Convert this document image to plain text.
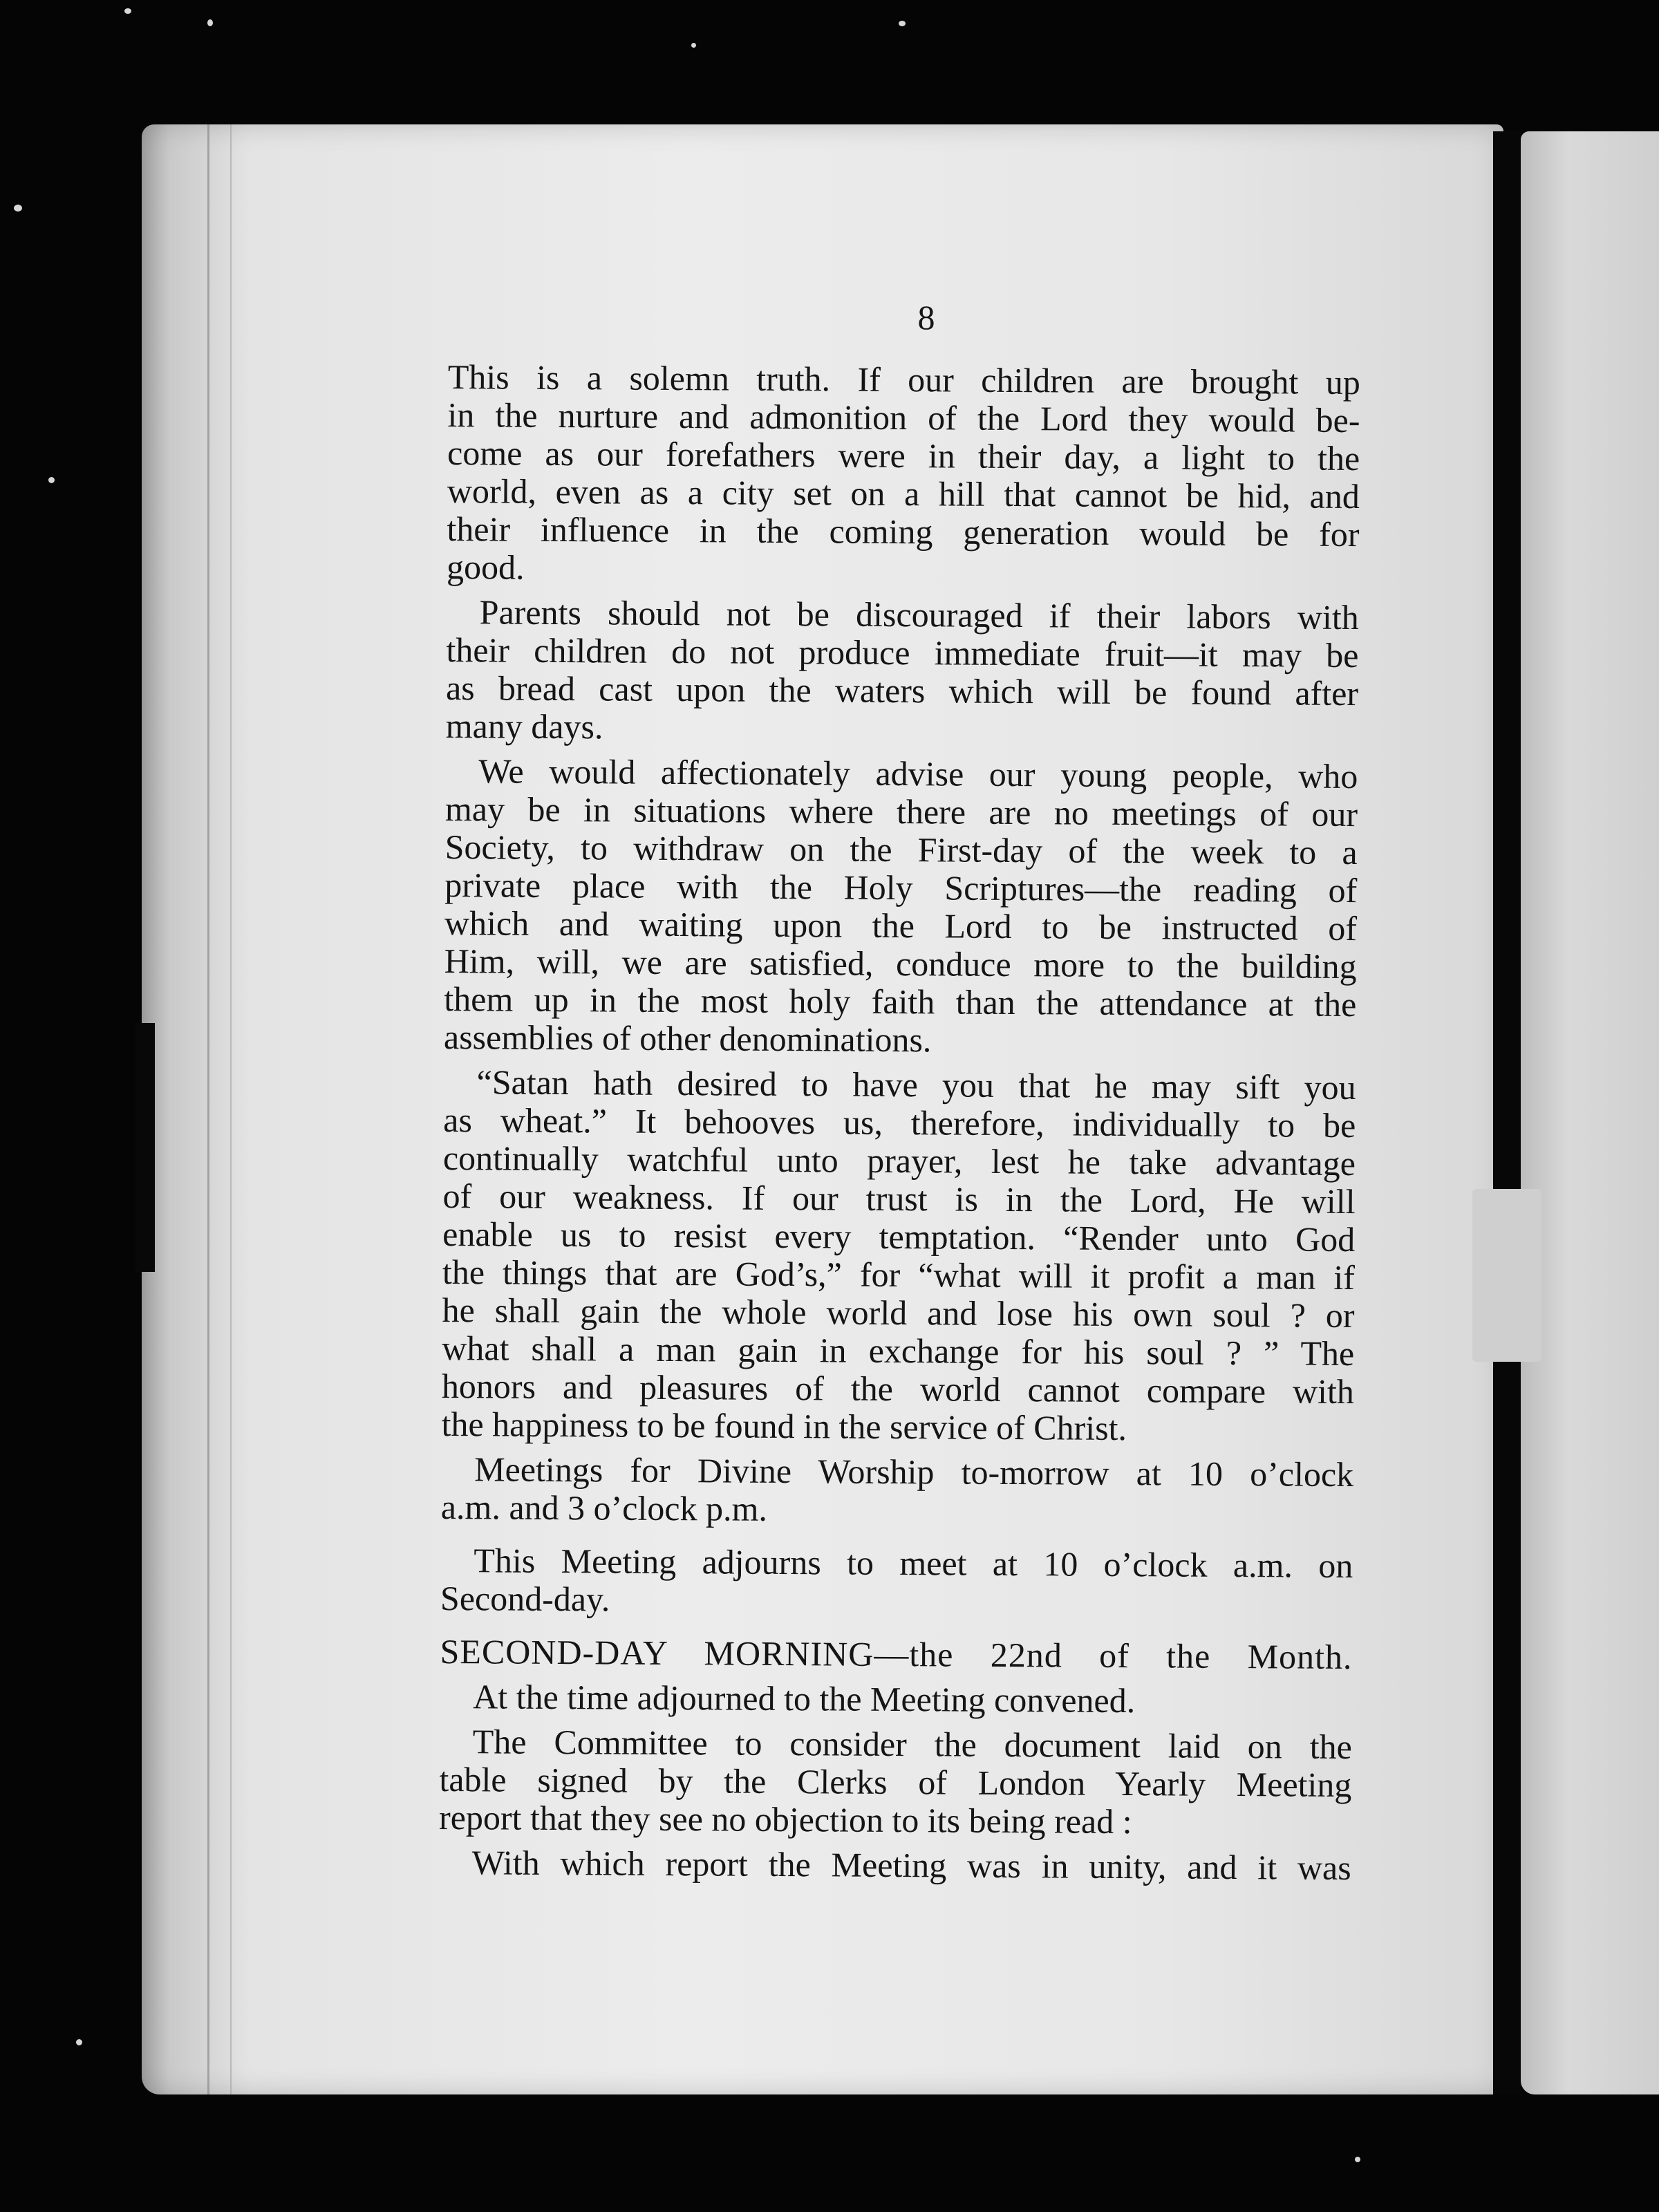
8
This is a solemn truth. If our children are brought up
in the nurture and admonition of the Lord they would be-
come as our forefathers were in their day, a light to the
world, even as a city set on a hill that cannot be hid, and
their influence in the coming generation would be for
good.
Parents should not be discouraged if their labors with
their children do not produce immediate fruit—it may be
as bread cast upon the waters which will be found after
many days.
We would affectionately advise our young people, who
may be in situations where there are no meetings of our
Society, to withdraw on the First-day of the week to a
private place with the Holy Scriptures—the reading of
which and waiting upon the Lord to be instructed of
Him, will, we are satisfied, conduce more to the building
them up in the most holy faith than the attendance at the
assemblies of other denominations.
“Satan hath desired to have you that he may sift you
as wheat.” It behooves us, therefore, individually to be
continually watchful unto prayer, lest he take advantage
of our weakness. If our trust is in the Lord, He will
enable us to resist every temptation. “Render unto God
the things that are God’s,” for “what will it profit a man if
he shall gain the whole world and lose his own soul ? or
what shall a man gain in exchange for his soul ? ” The
honors and pleasures of the world cannot compare with
the happiness to be found in the service of Christ.
Meetings for Divine Worship to-morrow at 10 o’clock
a.m. and 3 o’clock p.m.
This Meeting adjourns to meet at 10 o’clock a.m. on
Second-day.
SECOND-DAY MORNING—the 22nd of the Month.
At the time adjourned to the Meeting convened.
The Committee to consider the document laid on the
table signed by the Clerks of London Yearly Meeting
report that they see no objection to its being read :
With which report the Meeting was in unity, and it was
